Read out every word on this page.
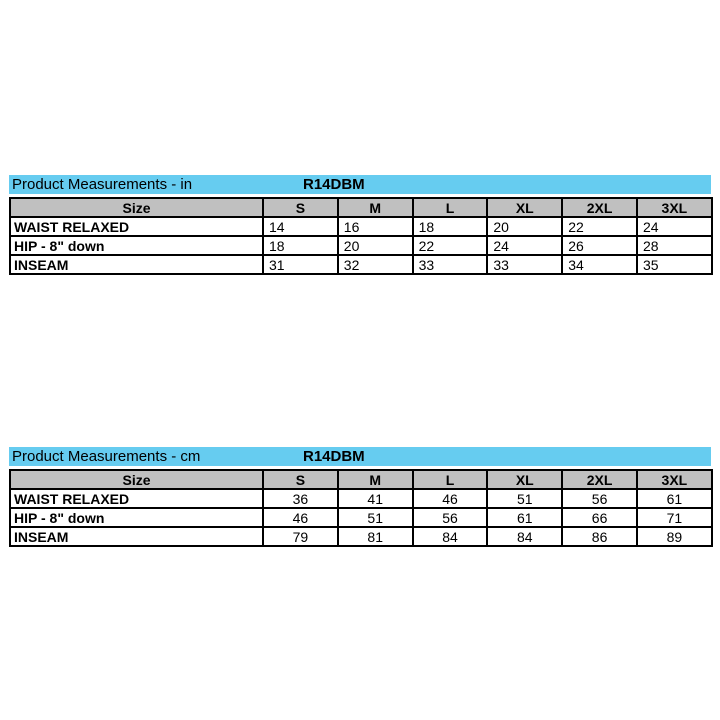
Product Measurements - in	R14DBM
Size	S	M	L	XL	2XL	3XL
WAIST RELAXED	14	16	18	20	22	24
HIP - 8" down	18	20	22	24	26	28
INSEAM	31	32	33	33	34	35
Product Measurements - cm	R14DBM
Size	S	M	L	XL	2XL	3XL
WAIST RELAXED	36	41	46	51	56	61
HIP - 8" down	46	51	56	61	66	71
INSEAM	79	81	84	84	86	89
